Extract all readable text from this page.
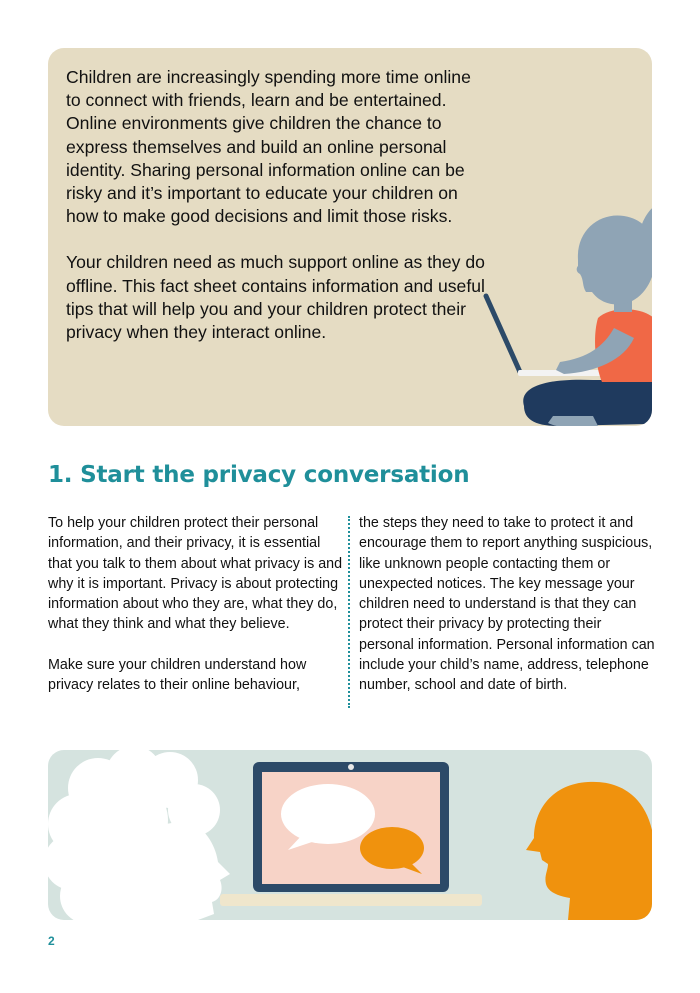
Children are increasingly spending more time online to connect with friends, learn and be entertained. Online environments give children the chance to express themselves and build an online personal identity. Sharing personal information online can be risky and it’s important to educate your children on how to make good decisions and limit those risks.

Your children need as much support online as they do offline. This fact sheet contains information and useful tips that will help you and your children protect their privacy when they interact online.

1. Start the privacy conversation

To help your children protect their personal information, and their privacy, it is essential that you talk to them about what privacy is and why it is important. Privacy is about protecting information about who they are, what they do, what they think and what they believe.

Make sure your children understand how privacy relates to their online behaviour,

the steps they need to take to protect it and encourage them to report anything suspicious, like unknown people contacting them or unexpected notices. The key message your children need to understand is that they can protect their privacy by protecting their personal information. Personal information can include your child’s name, address, telephone number, school and date of birth.

2
